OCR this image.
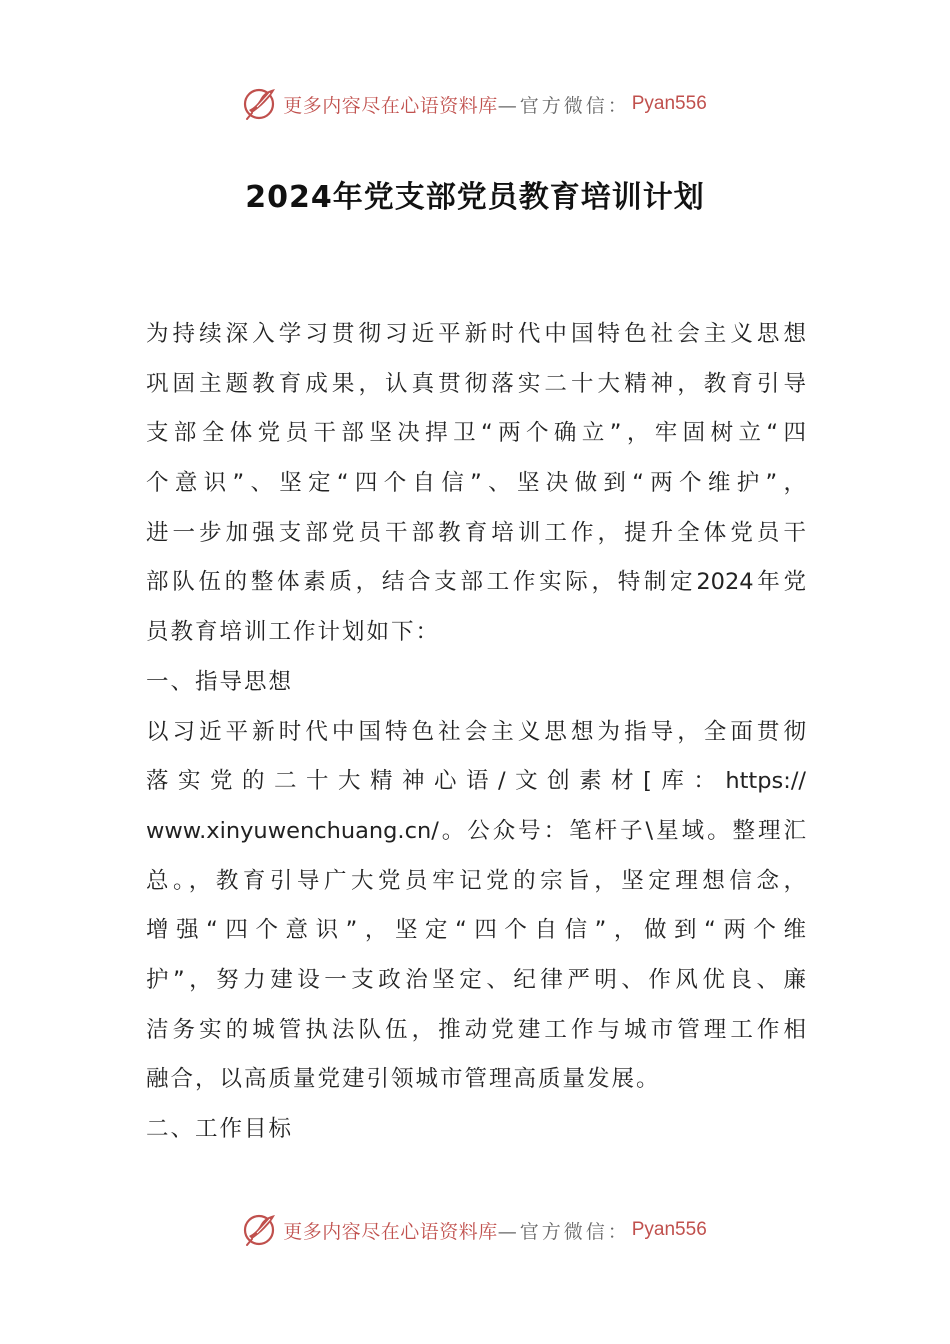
更多内容尽在心语资料库 —官方微信： Pyan556
2024年党支部党员教育培训计划
为持续深入学习贯彻习近平新时代中国特色社会主义思想
巩固主题教育成果，认真贯彻落实二十大精神，教育引导
支部全体党员干部坚决捍卫“两个确立”，牢固树立“四
个意识”、坚定“四个自信”、坚决做到“两个维护”，
进一步加强支部党员干部教育培训工作，提升全体党员干
部队伍的整体素质，结合支部工作实际，特制定2024年党
员教育培训工作计划如下：
一、指导思想
以习近平新时代中国特色社会主义思想为指导，全面贯彻
落实党的二十大精神心语/文创素材[库：https://
www.xinyuwenchuang.cn/。公众号：笔杆子\星域。整理汇
总。，教育引导广大党员牢记党的宗旨，坚定理想信念，
增强“四个意识”，坚定“四个自信”，做到“两个维
护”，努力建设一支政治坚定、纪律严明、作风优良、廉
洁务实的城管执法队伍，推动党建工作与城市管理工作相
融合，以高质量党建引领城市管理高质量发展。
二、工作目标
更多内容尽在心语资料库 —官方微信： Pyan556
